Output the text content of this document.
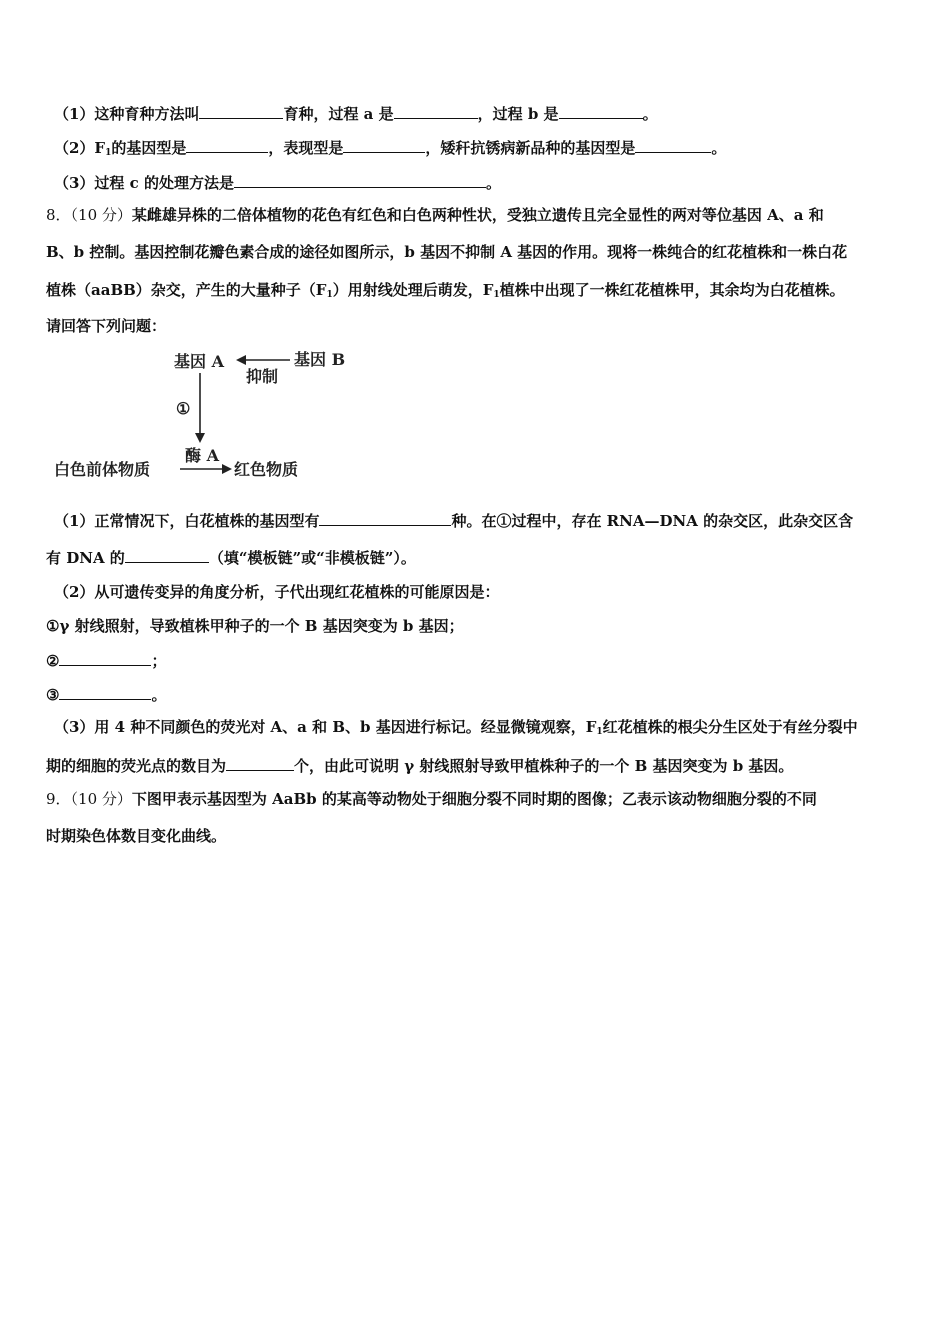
（1）这种育种方法叫	育种，过程 a 是	，过程 b 是	。
$(2)F_1$的基因型是	，表现型是	，矮秆抗锈病新品种的基因型是	。
（3）过程 c 的处理方法是	。
8．（10 分）某雌雄异株的二倍体植物的花色有红色和白色两种性状，受独立遗传且完全显性的两对等位基因 A、a 和
B、b 控制。基因控制花瓣色素合成的途径如图所示，b 基因不抑制 A 基因的作用。现将一株纯合的红花植株和一株白花
植株（aaBB）杂交，产生的大量种子$(F_1)$用射线处理后萌发，$F_1$植株中出现了一株红花植株甲，其余均为白花植株。
请回答下列问题：
基因 A	基因 B
抑制
①
酶 A
白色前体物质	红色物质
（1）正常情况下，白花植株的基因型有	种。在①过程中，存在 RNA—DNA 的杂交区，此杂交区含
有 DNA 的	（填“模板链”或“非模板链”）。
（2）从可遗传变异的角度分析，子代出现红花植株的可能原因是：
①γ 射线照射，导致植株甲种子的一个 B 基因突变为 b 基因；
②	；
③	。
（3）用 4 种不同颜色的荧光对 A、a 和 B、b 基因进行标记。经显微镜观察，$F_1$红花植株的根尖分生区处于有丝分裂中
期的细胞的荧光点的数目为	个，由此可说明 γ 射线照射导致甲植株种子的一个 B 基因突变为 b 基因。
9．（10 分）下图甲表示基因型为 AaBb 的某高等动物处于细胞分裂不同时期的图像；乙表示该动物细胞分裂的不同
时期染色体数目变化曲线。
